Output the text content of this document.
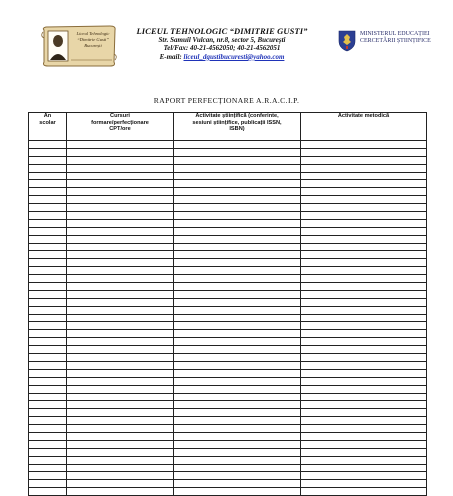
Liceul Tehnologic
“Dimitrie Gusti”
București
LICEUL TEHNOLOGIC “DIMITRIE GUSTI”
Str. Samuil Vulcan, nr.8, sector 5, București
Tel/Fax: 40-21-4562050; 40-21-4562051
E-mail: liceul_dgustibucuresti@yahoo.com
MINISTERUL EDUCAȚIEI
CERCETĂRII ȘTIINȚIFICE
RAPORT PERFECȚIONARE A.R.A.C.I.P.
An
scolar	Cursuri
formare/perfecționare
CPT/ore	Activitate științifică (conferinte,
sesiuni științifice, publicații ISSN,
ISBN)	Activitate metodică
